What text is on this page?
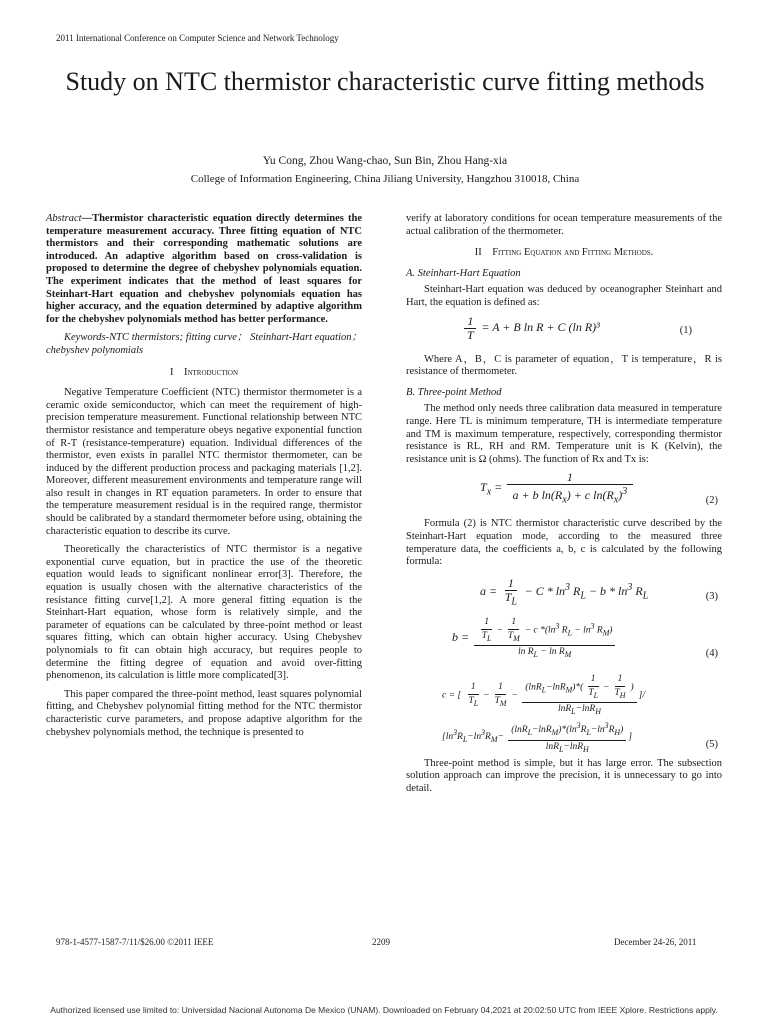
2011 International Conference on Computer Science and Network Technology
Study on NTC thermistor characteristic curve fitting methods
Yu Cong, Zhou Wang-chao, Sun Bin, Zhou Hang-xia
College of Information Engineering, China Jiliang University, Hangzhou 310018, China

Abstract—Thermistor characteristic equation directly determines the temperature measurement accuracy. Three fitting equation of NTC thermistors and their corresponding mathematic solutions are introduced. An adaptive algorithm based on cross-validation is proposed to determine the degree of chebyshev polynomials equation. The experiment indicates that the method of least squares for Steinhart-Hart equation and chebyshev polynomials equation has higher accuracy, and the equation determined by adaptive algorithm for the chebyshev polynomials method has better performance.

Keywords-NTC thermistors; fitting curve； Steinhart-Hart equation；chebyshev polynomials

I Introduction

Negative Temperature Coefficient (NTC) thermistor thermometer is a ceramic oxide semiconductor, which can meet the requirement of high-precision temperature measurement. Functional relationship between NTC thermistor resistance and temperature obeys negative exponential function of R-T (resistance-temperature) equation. Individual differences of the thermistor, even exists in parallel NTC thermistor thermometer, can be induced by the different production process and packaging materials [1,2]. Moreover, different measurement environments and temperature range will also result in changes in RT equation parameters. In order to ensure that the temperature measurement residual is in the required range, thermistor should be calibrated by a standard thermometer before using, obtaining the characteristic equation to describe its curve.

Theoretically the characteristics of NTC thermistor is a negative exponential curve equation, but in practice the use of the theoretic equation would leads to significant nonlinear error[3]. Therefore, the equation is usually chosen with the alternative characteristics of the resistance fitting curve[1,2]. A more general fitting equation is the Steinhart-Hart equation, whose form is relatively simple, and the parameter of equations can be calculated by three-point method or least squares fitting, which can obtain higher accuracy. Using Chebyshev polynomials to fit can obtain high accuracy, but requires people to determine the fitting degree of equation and avoid over-fitting phenomenon, its calculation is little more complicated[3].

This paper compared the three-point method, least squares polynomial fitting, and Chebyshev polynomial fitting method for the NTC thermistor characteristic curve parameters, and propose adaptive algorithm for the chebyshev polynomials method, the technique is presented to

verify at laboratory conditions for ocean temperature measurements of the actual calibration of the thermometer.

II Fitting Equation and Fitting Methods.
A. Steinhart-Hart Equation

Steinhart-Hart equation was deduced by oceanographer Steinhart and Hart, the equation is defined as:

$\frac{1}{T} = A + B$ ln R + C (ln R)³	(1)

Where A，B，C is parameter of equation，T is temperature，R is resistance of thermometer.

B. Three-point Method

The method only needs three calibration data measured in temperature range. Here TL is minimum temperature, TH is intermediate temperature and TM is maximum temperature, respectively, corresponding thermistor resistance is RL, RH and RM. Temperature unit is K (Kelvin), the resistance unit is Ω (ohms). The function of Rx and Tx is:

$T_x = \frac{1}{a + b \ln(R_x) + c \ln(R_x)^3}$	(2)

Formula (2) is NTC thermistor characteristic curve described by the Steinhart-Hart equation mode, according to the measured three temperature data, the coefficients a, b, c is calculated by the following formula:

$a = \frac{1}{T_L} - C * \ln^3 R_L - b * \ln^3 R_L$	(3)
$b = \frac{\frac{1}{T_L} - \frac{1}{T_M} - c *(\ln^3 R_L - \ln^3 R_M)}{\ln R_L - \ln R_M}$	(4)
c = [ $\frac{1}{T_L} - \frac{1}{T_M} - \frac{(\ln R_L-\ln R_M)*( \frac{1}{T_L} - \frac{1}{T_H} )}{\ln R_L-\ln R_H}$ ]/
[$\ln^3R_L-\ln^3R_M- \frac{(\ln R_L-\ln R_M)*(\ln^3R_L-\ln^3R_H)}{\ln R_L-\ln R_H}$ ]
(5)

Three-point method is simple, but it has large error. The subsection solution approach can improve the precision, it is unnecessary to go into detail.

978-1-4577-1587-7/11/$26.00 ©2011 IEEE	2209	December 24-26, 2011
Authorized licensed use limited to: Universidad Nacional Autonoma De Mexico (UNAM). Downloaded on February 04,2021 at 20:02:50 UTC from IEEE Xplore. Restrictions apply.
